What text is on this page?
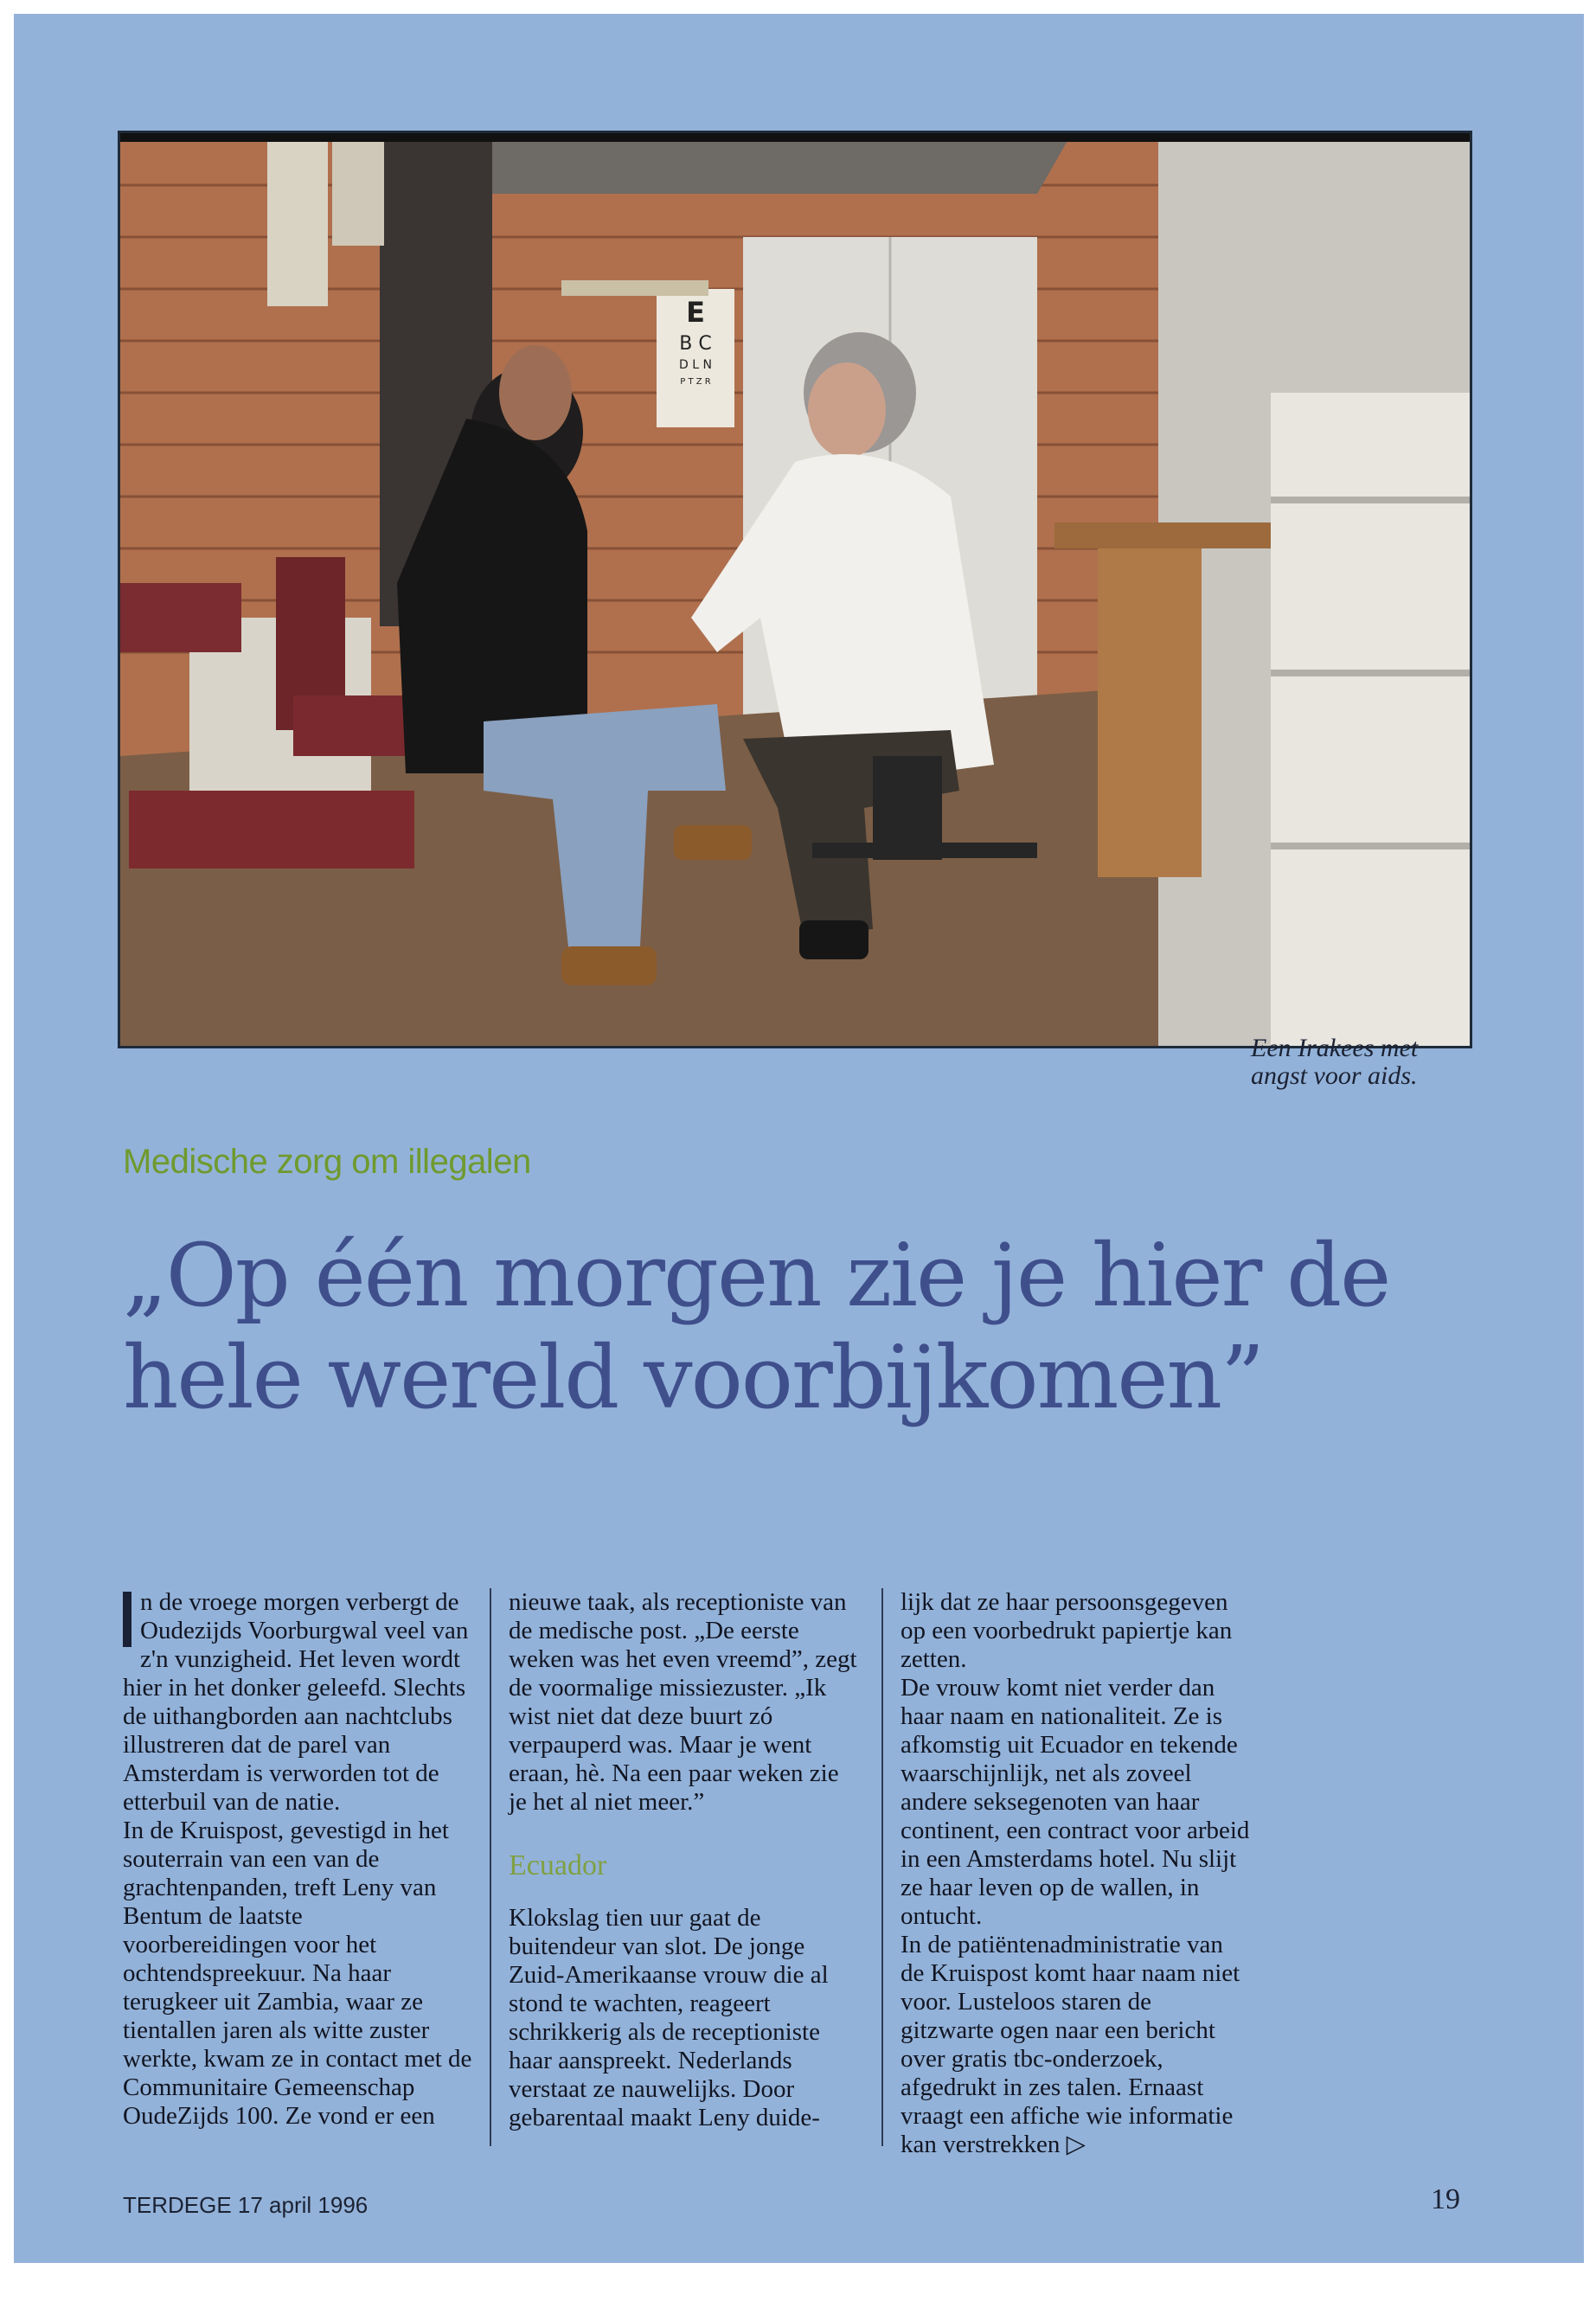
E
B C
D L N
P T Z R
Een Irakees met angst voor aids.
Medische zorg om illegalen
„Op één morgen zie je hier de hele wereld voorbijkomen”

n de vroege morgen verbergt de Oudezijds Voorburgwal veel van z'n vunzigheid. Het leven wordt hier in het donker geleefd. Slechts de uithangborden aan nachtclubs illustreren dat de parel van Amsterdam is verworden tot de etterbuil van de natie.

In de Kruispost, gevestigd in het souterrain van een van de grachtenpanden, treft Leny van Bentum de laatste voorbereidingen voor het ochtendspreekuur. Na haar terugkeer uit Zambia, waar ze tientallen jaren als witte zuster werkte, kwam ze in contact met de Communitaire Gemeenschap OudeZijds 100. Ze vond er een

nieuwe taak, als receptioniste van de medische post. „De eerste weken was het even vreemd”, zegt de voormalige missiezuster. „Ik wist niet dat deze buurt zó verpauperd was. Maar je went eraan, hè. Na een paar weken zie je het al niet meer.”

Ecuador

Klokslag tien uur gaat de buitendeur van slot. De jonge Zuid-Amerikaanse vrouw die al stond te wachten, reageert schrikkerig als de receptioniste haar aanspreekt. Nederlands verstaat ze nauwelijks. Door gebarentaal maakt Leny duide-

lijk dat ze haar persoonsgegeven op een voorbedrukt papiertje kan zetten.

De vrouw komt niet verder dan haar naam en nationaliteit. Ze is afkomstig uit Ecuador en tekende waarschijnlijk, net als zoveel andere seksegenoten van haar continent, een contract voor arbeid in een Amsterdams hotel. Nu slijt ze haar leven op de wallen, in ontucht.

In de patiëntenadministratie van de Kruispost komt haar naam niet voor. Lusteloos staren de gitzwarte ogen naar een bericht over gratis tbc-onderzoek, afgedrukt in zes talen. Ernaast vraagt een affiche wie informatie kan verstrekken ▷

TERDEGE 17 april 1996	19
